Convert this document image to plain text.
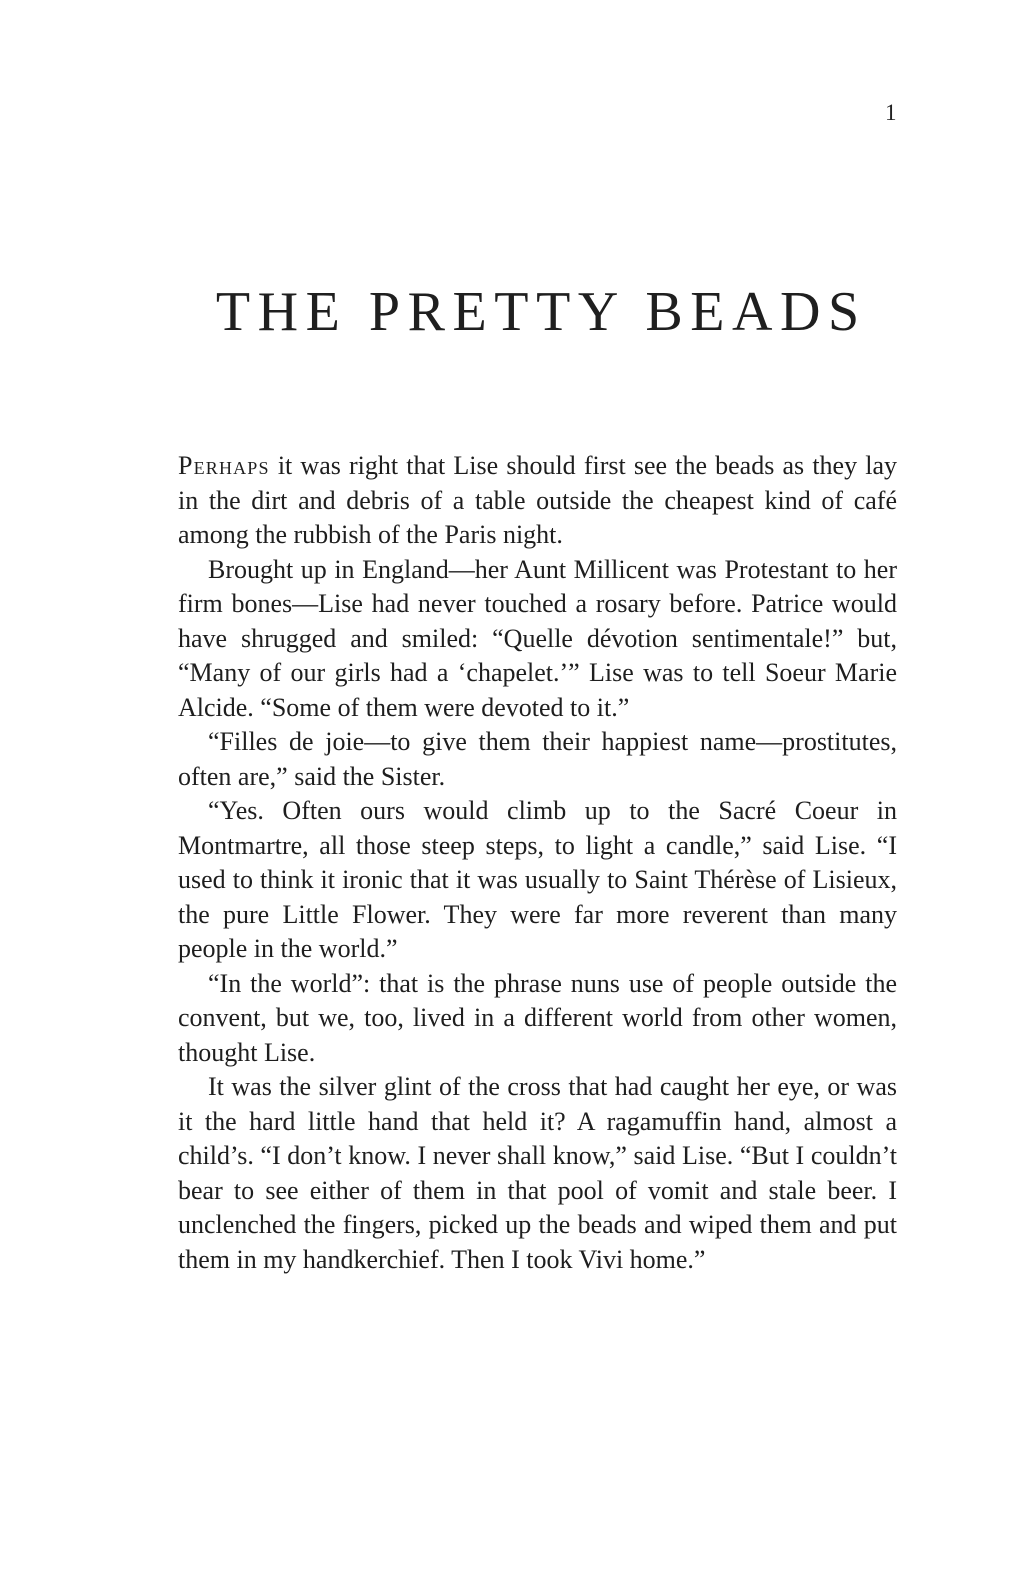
1
THE PRETTY BEADS

Perhaps it was right that Lise should first see the beads as they lay in the dirt and debris of a table outside the cheapest kind of café among the rubbish of the Paris night.

Brought up in England—her Aunt Millicent was Protestant to her firm bones—Lise had never touched a rosary before. Patrice would have shrugged and smiled: “Quelle dévotion sentimentale!” but, “Many of our girls had a ‘chapelet.’” Lise was to tell Soeur Marie Alcide. “Some of them were devoted to it.”

“Filles de joie—to give them their happiest name—prostitutes, often are,” said the Sister.

“Yes. Often ours would climb up to the Sacré Coeur in Montmartre, all those steep steps, to light a candle,” said Lise. “I used to think it ironic that it was usually to Saint Thérèse of Lisieux, the pure Little Flower. They were far more reverent than many people in the world.”

“In the world”: that is the phrase nuns use of people outside the convent, but we, too, lived in a different world from other women, thought Lise.

It was the silver glint of the cross that had caught her eye, or was it the hard little hand that held it? A ragamuffin hand, almost a child’s. “I don’t know. I never shall know,” said Lise. “But I couldn’t bear to see either of them in that pool of vomit and stale beer. I unclenched the fingers, picked up the beads and wiped them and put them in my handkerchief. Then I took Vivi home.”
